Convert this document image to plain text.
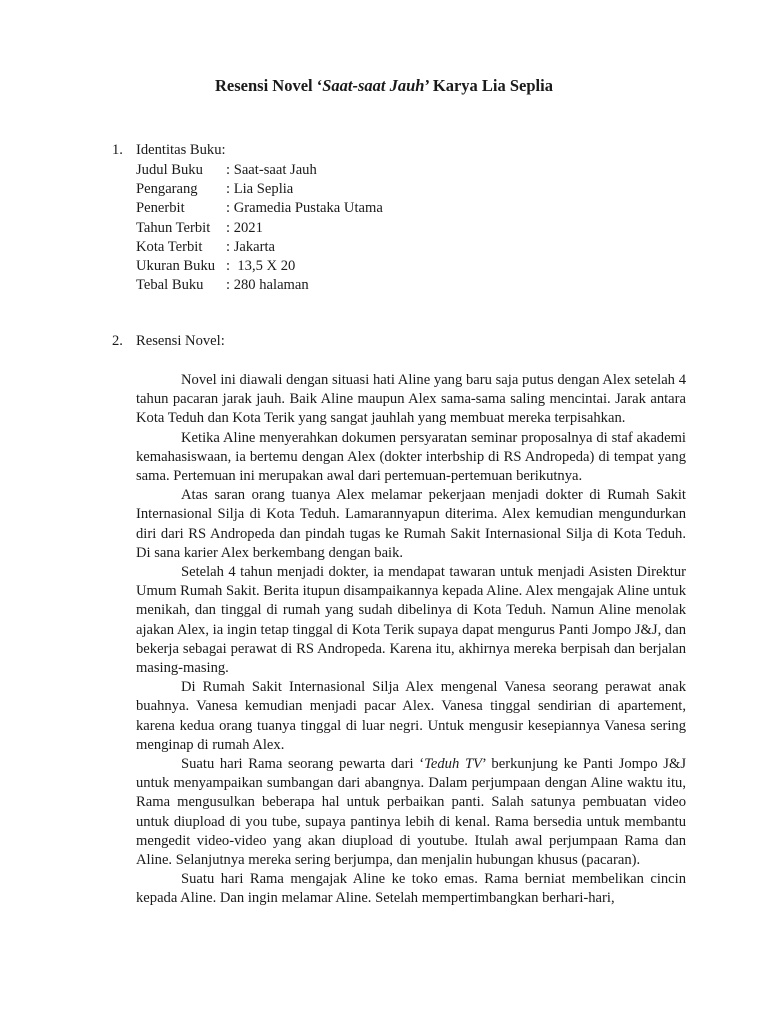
Resensi Novel ‘Saat-saat Jauh’ Karya Lia Seplia
1. Identitas Buku:
Judul Buku : Saat-saat Jauh
Pengarang : Lia Seplia
Penerbit	: Gramedia Pustaka Utama
Tahun Terbit : 2021
Kota Terbit : Jakarta
Ukuran Buku :  13,5 X 20
Tebal Buku : 280 halaman
2. Resensi Novel:

Novel ini diawali dengan situasi hati Aline yang baru saja putus dengan Alex setelah 4 tahun pacaran jarak jauh. Baik Aline maupun Alex sama-sama saling mencintai. Jarak antara Kota Teduh dan Kota Terik yang sangat jauhlah yang membuat mereka terpisahkan.

Ketika Aline menyerahkan dokumen persyaratan seminar proposalnya di staf akademi kemahasiswaan, ia bertemu dengan Alex (dokter interbship di RS Andropeda) di tempat yang sama. Pertemuan ini merupakan awal dari pertemuan-pertemuan berikutnya.

Atas saran orang tuanya Alex melamar pekerjaan menjadi dokter di Rumah Sakit Internasional Silja di Kota Teduh. Lamarannyapun diterima. Alex kemudian mengundurkan diri dari RS Andropeda dan pindah tugas ke Rumah Sakit Internasional Silja di Kota Teduh. Di sana karier Alex berkembang dengan baik.

Setelah 4 tahun menjadi dokter, ia mendapat tawaran untuk menjadi Asisten Direktur Umum Rumah Sakit. Berita itupun disampaikannya kepada Aline. Alex mengajak Aline untuk menikah, dan tinggal di rumah yang sudah dibelinya di Kota Teduh. Namun Aline menolak ajakan Alex, ia ingin tetap tinggal di Kota Terik supaya dapat mengurus Panti Jompo J&J, dan bekerja sebagai perawat di RS Andropeda. Karena itu, akhirnya mereka berpisah dan berjalan masing-masing.

Di Rumah Sakit Internasional Silja Alex mengenal Vanesa seorang perawat anak buahnya. Vanesa kemudian menjadi pacar Alex. Vanesa tinggal sendirian di apartement, karena kedua orang tuanya tinggal di luar negri. Untuk mengusir kesepiannya Vanesa sering menginap di rumah Alex.

Suatu hari Rama seorang pewarta dari ‘Teduh TV’ berkunjung ke Panti Jompo J&J untuk menyampaikan sumbangan dari abangnya. Dalam perjumpaan dengan Aline waktu itu, Rama mengusulkan beberapa hal untuk perbaikan panti. Salah satunya pembuatan video untuk diupload di you tube, supaya pantinya lebih di kenal. Rama bersedia untuk membantu mengedit video-video yang akan diupload di youtube. Itulah awal perjumpaan Rama dan Aline. Selanjutnya mereka sering berjumpa, dan menjalin hubungan khusus (pacaran).

Suatu hari Rama mengajak Aline ke toko emas. Rama berniat membelikan cincin kepada Aline. Dan ingin melamar Aline. Setelah mempertimbangkan berhari-hari,
